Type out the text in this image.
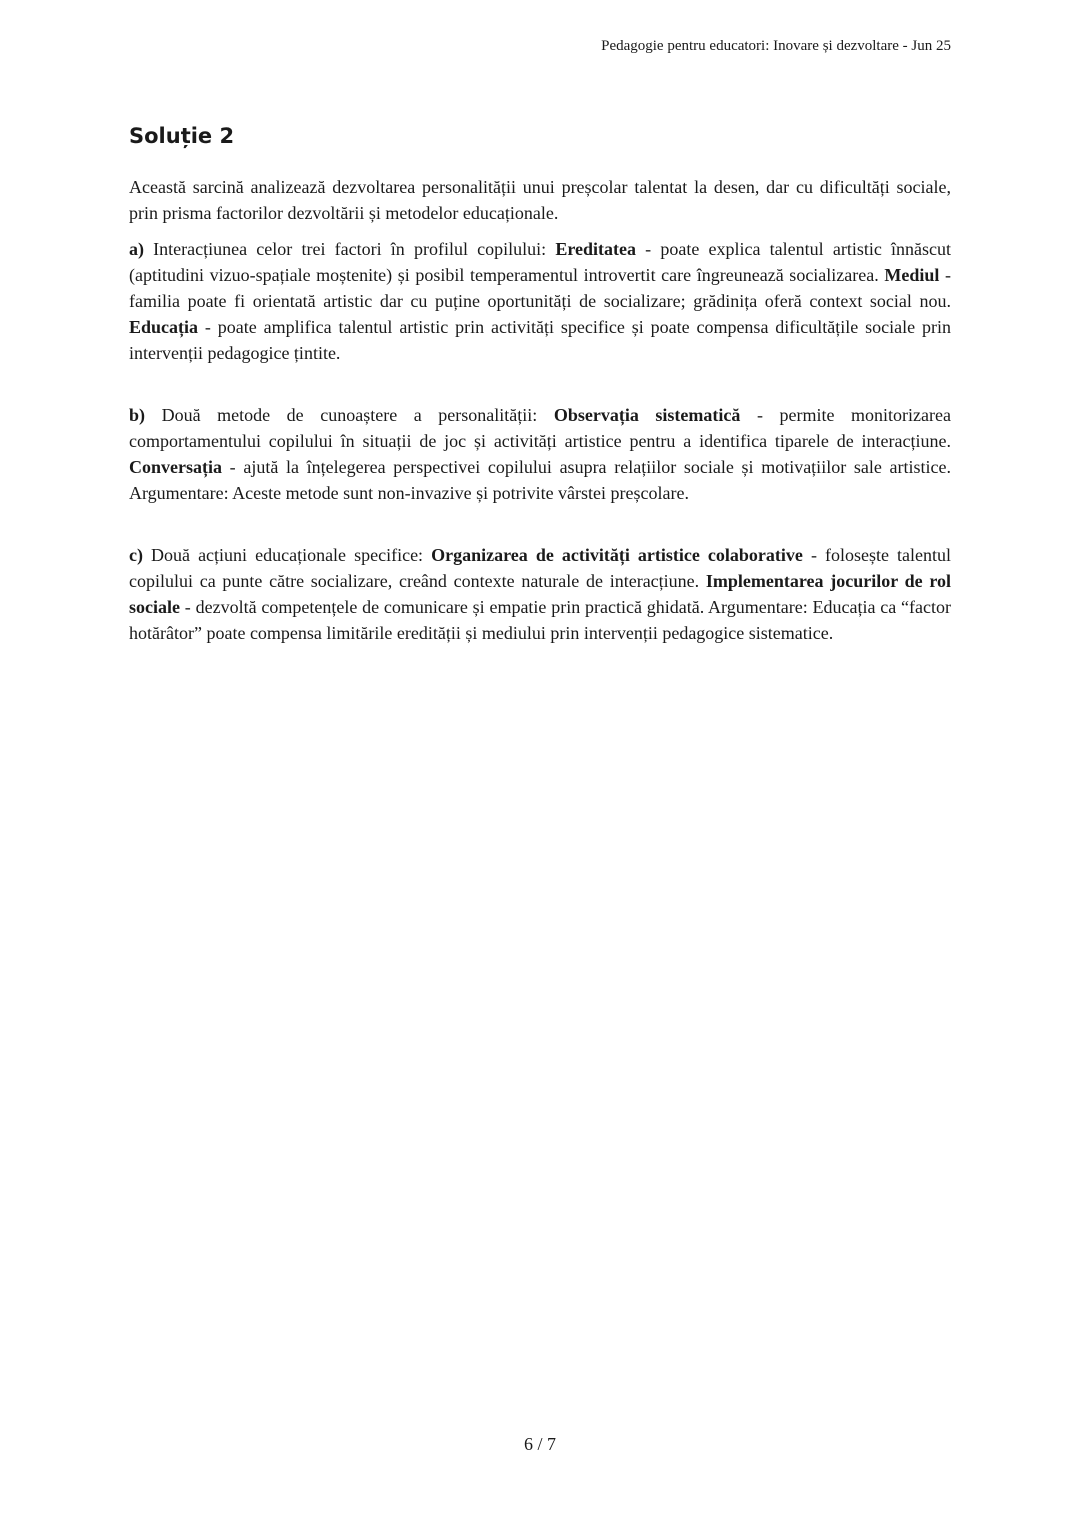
Pedagogie pentru educatori: Inovare și dezvoltare - Jun 25
Soluție 2

Această sarcină analizează dezvoltarea personalității unui preșcolar talentat la desen, dar cu dificultăți sociale, prin prisma factorilor dezvoltării și metodelor educaționale.

a) Interacțiunea celor trei factori în profilul copilului: Ereditatea - poate explica talentul artistic înnăscut (aptitudini vizuo-spațiale moștenite) și posibil temperamentul introvertit care îngreunează socializarea. Mediul - familia poate fi orientată artistic dar cu puține oportunități de socializare; grădinița oferă context social nou. Educația - poate amplifica talentul artistic prin activități specifice și poate compensa dificultățile sociale prin intervenții pedagogice țintite.

b) Două metode de cunoaștere a personalității: Observația sistematică - permite monitorizarea comportamentului copilului în situații de joc și activități artistice pentru a identifica tiparele de interacțiune. Conversația - ajută la înțelegerea perspectivei copilului asupra relațiilor sociale și motivațiilor sale artistice. Argumentare: Aceste metode sunt non-invazive și potrivite vârstei preșcolare.

c) Două acțiuni educaționale specifice: Organizarea de activități artistice colaborative - folosește talentul copilului ca punte către socializare, creând contexte naturale de interacțiune. Implementarea jocurilor de rol sociale - dezvoltă competențele de comunicare și empatie prin practică ghidată. Argumentare: Educația ca “factor hotărâtor” poate compensa limitările eredității și mediului prin intervenții pedagogice sistematice.

6 / 7
